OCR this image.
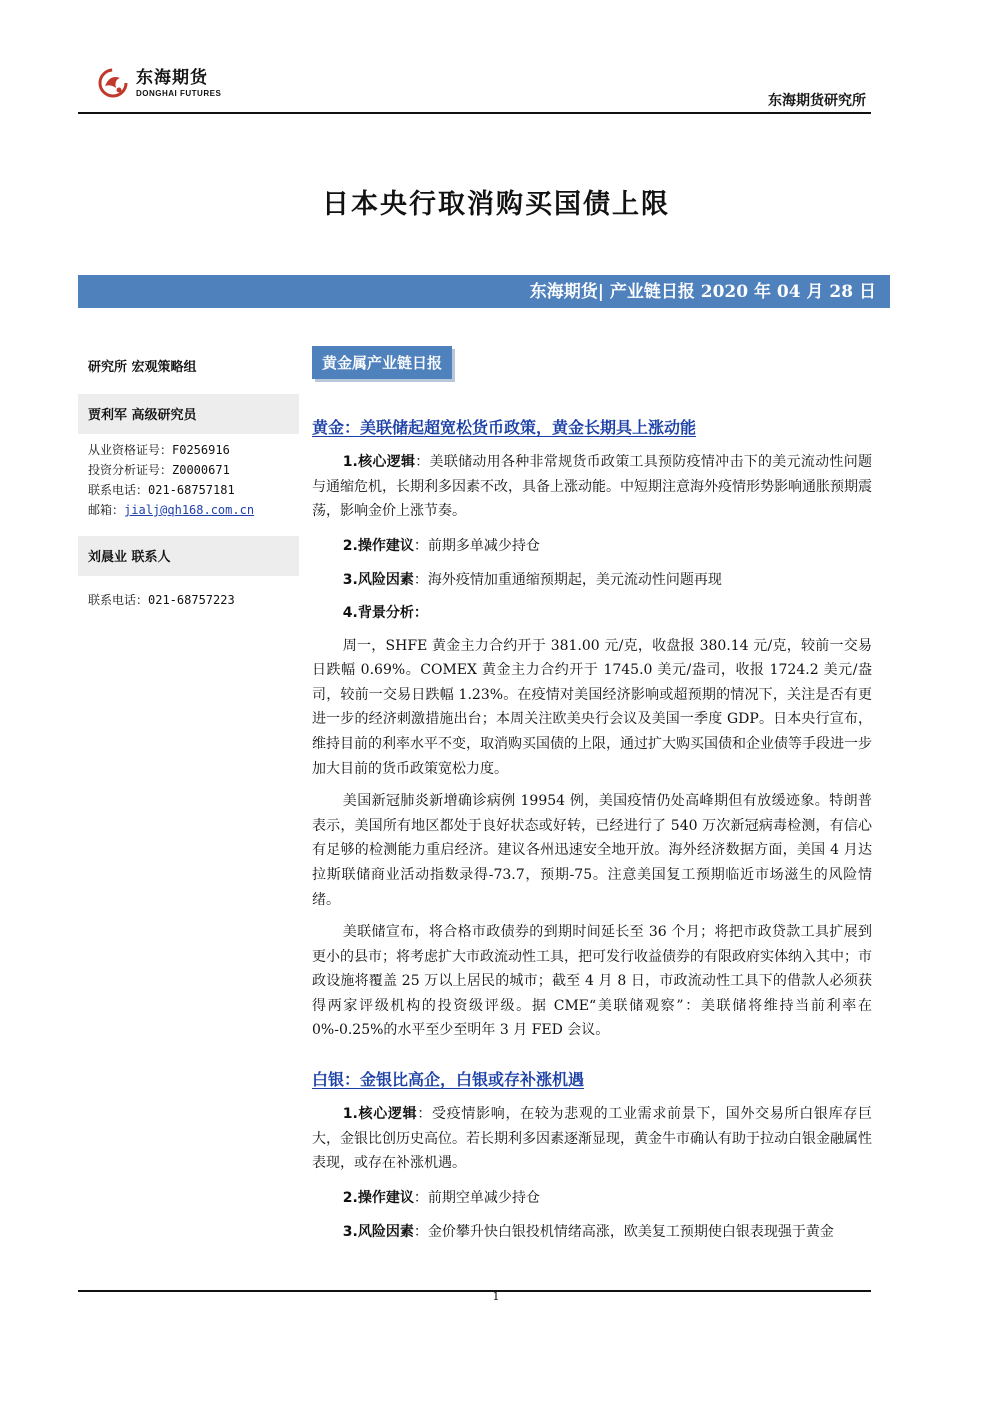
东海期货
DONGHAI FUTURES	东海期货研究所
日本央行取消购买国债上限
东海期货| 产业链日报 2020 年 04 月 28 日
研究所 宏观策略组
贾利军 高级研究员
从业资格证号：F0256916
投资分析证号：Z0000671
联系电话：021-68757181
邮箱：jialj@qh168.com.cn
刘晨业 联系人
联系电话：021-68757223
黄金属产业链日报
黄金：美联储起超宽松货币政策，黄金长期具上涨动能

1.核心逻辑：美联储动用各种非常规货币政策工具预防疫情冲击下的美元流动性问题与通缩危机，长期利多因素不改，具备上涨动能。中短期注意海外疫情形势影响通胀预期震荡，影响金价上涨节奏。

2.操作建议：前期多单减少持仓

3.风险因素：海外疫情加重通缩预期起，美元流动性问题再现

4.背景分析：

周一，SHFE 黄金主力合约开于 381.00 元/克，收盘报 380.14 元/克，较前一交易日跌幅 0.69%。COMEX 黄金主力合约开于 1745.0 美元/盎司，收报 1724.2 美元/盎司，较前一交易日跌幅 1.23%。在疫情对美国经济影响或超预期的情况下，关注是否有更进一步的经济刺激措施出台；本周关注欧美央行会议及美国一季度 GDP。日本央行宣布，维持目前的利率水平不变，取消购买国债的上限，通过扩大购买国债和企业债等手段进一步加大目前的货币政策宽松力度。

美国新冠肺炎新增确诊病例 19954 例，美国疫情仍处高峰期但有放缓迹象。特朗普表示，美国所有地区都处于良好状态或好转，已经进行了 540 万次新冠病毒检测，有信心有足够的检测能力重启经济。建议各州迅速安全地开放。海外经济数据方面，美国 4 月达拉斯联储商业活动指数录得-73.7，预期-75。注意美国复工预期临近市场滋生的风险情绪。

美联储宣布，将合格市政债券的到期时间延长至 36 个月；将把市政贷款工具扩展到更小的县市；将考虑扩大市政流动性工具，把可发行收益债券的有限政府实体纳入其中；市政设施将覆盖 25 万以上居民的城市；截至 4 月 8 日，市政流动性工具下的借款人必须获得两家评级机构的投资级评级。据 CME“美联储观察”：美联储将维持当前利率在 0%-0.25%的水平至少至明年 3 月 FED 会议。

白银：金银比高企，白银或存补涨机遇

1.核心逻辑：受疫情影响，在较为悲观的工业需求前景下，国外交易所白银库存巨大，金银比创历史高位。若长期利多因素逐渐显现，黄金牛市确认有助于拉动白银金融属性表现，或存在补涨机遇。

2.操作建议：前期空单减少持仓

3.风险因素：金价攀升快白银投机情绪高涨，欧美复工预期使白银表现强于黄金

1
